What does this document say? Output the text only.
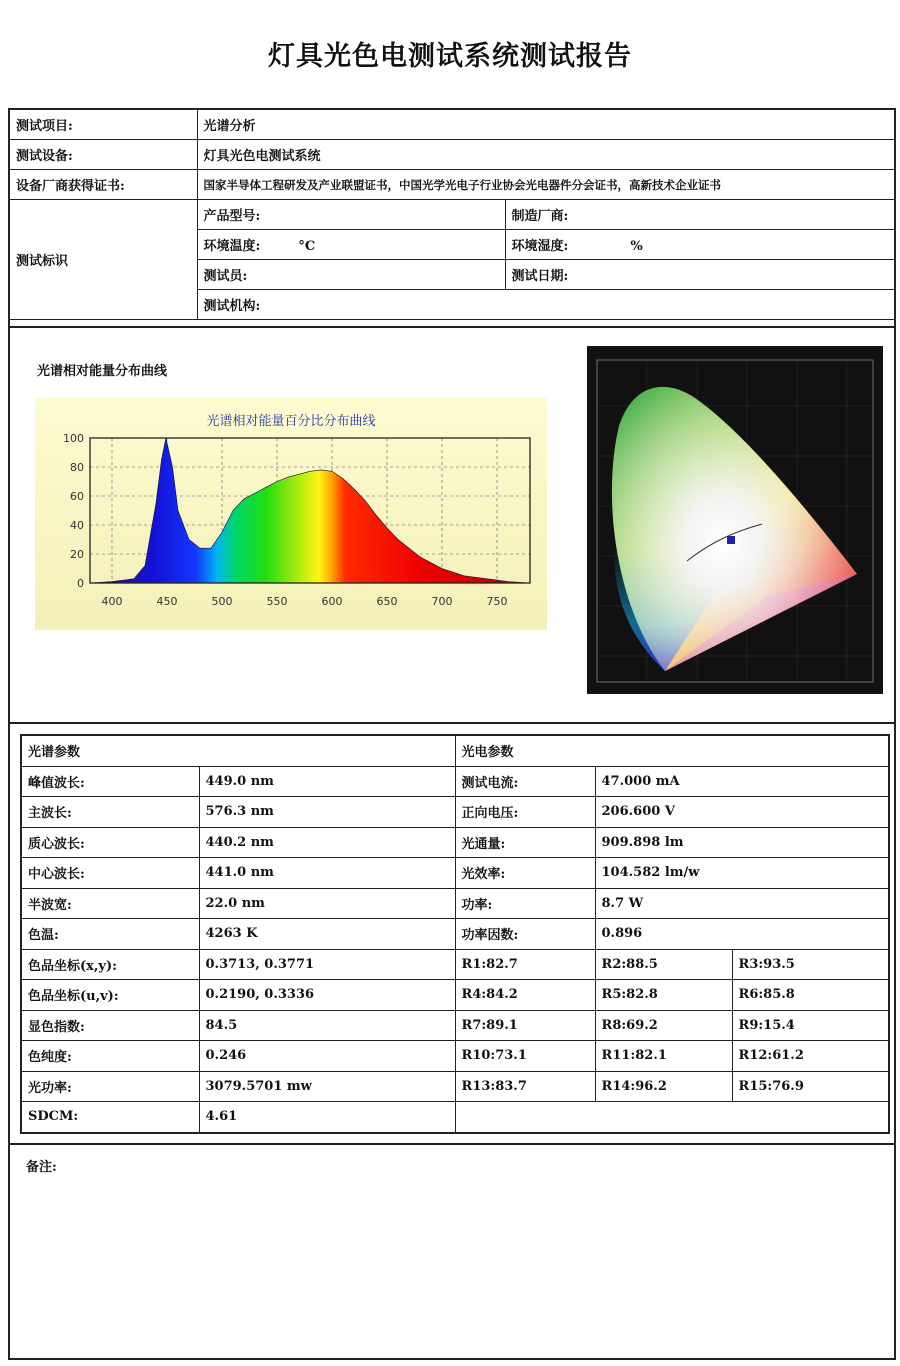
灯具光色电测试系统测试报告
测试项目:	光谱分析	
测试设备:	灯具光色电测试系统	
设备厂商获得证书:	国家半导体工程研发及产业联盟证书，中国光学光电子行业协会光电器件分会证书，高新技术企业证书	
测试标识	产品型号:	制造厂商:
	环境温度: °C	环境湿度: %
	测试员:	测试日期:
	测试机构:	
光谱相对能量分布曲线
光谱相对能量百分比分布曲线
0
20
40
60
80
100
400	450	500	550	600	650	700	750
光谱参数		光电参数		
峰值波长:	449.0 nm	测试电流:	47.000 mA	
主波长:	576.3 nm	正向电压:	206.600 V	
质心波长:	440.2 nm	光通量:	909.898 lm	
中心波长:	441.0 nm	光效率:	104.582 lm/w	
半波宽:	22.0 nm	功率:	8.7 W	
色温:	4263 K	功率因数:	0.896	
色品坐标(x,y):	0.3713, 0.3771	R1:82.7	R2:88.5	R3:93.5
色品坐标(u,v):	0.2190, 0.3336	R4:84.2	R5:82.8	R6:85.8
显色指数:	84.5	R7:89.1	R8:69.2	R9:15.4
色纯度:	0.246	R10:73.1	R11:82.1	R12:61.2
光功率:	3079.5701 mw	R13:83.7	R14:96.2	R15:76.9
SDCM:	4.61			
备注:
